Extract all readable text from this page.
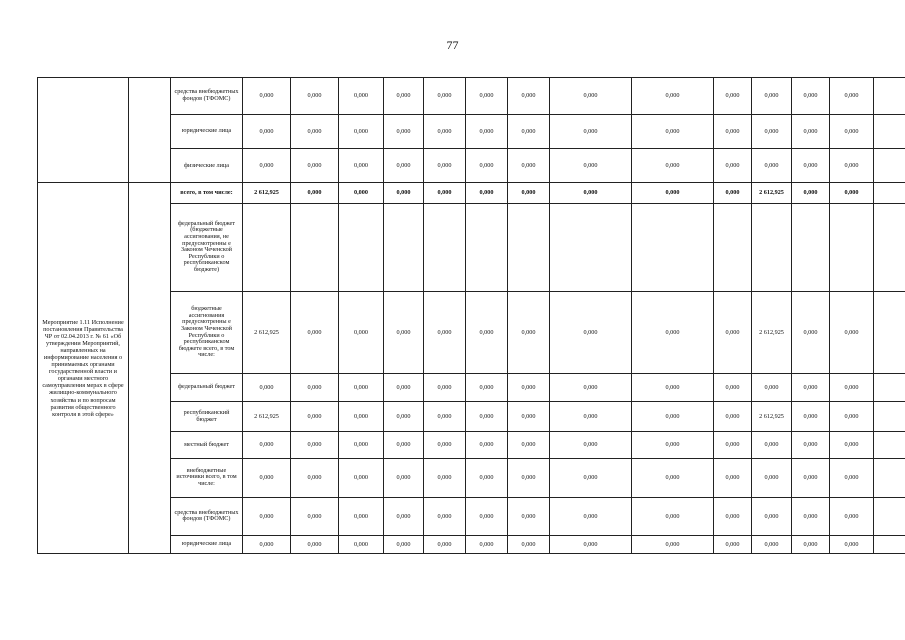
77
		средства внебюджетных фондов (ТФОМС)	0,000	0,000	0,000	0,000	0,000	0,000	0,000	0,000	0,000	0,000	0,000	0,000	0,000	
		юридические лица	0,000	0,000	0,000	0,000	0,000	0,000	0,000	0,000	0,000	0,000	0,000	0,000	0,000	
		физические лица	0,000	0,000	0,000	0,000	0,000	0,000	0,000	0,000	0,000	0,000	0,000	0,000	0,000	
Мероприятие 1.11 Исполнение постановления Правительства ЧР от 02.04.2013 г. № 61 «Об утверждении Мероприятий, направленных на информирование населения о принимаемых органами государственной власти и органами местного самоуправления мерах в сфере жилищно-коммунального хозяйства и по вопросам развития общественного контроля в этой сфере»		всего, в том числе:	2 612,925	0,000	0,000	0,000	0,000	0,000	0,000	0,000	0,000	0,000	2 612,925	0,000	0,000	
		федеральный бюджет (бюджетные ассигнования, не предусмотренны е Законом Чеченской Республики о республиканском бюджете)														
		бюджетные ассигнования предусмотренны е Законом Чеченской Республики о республиканском бюджете всего, в том числе:	2 612,925	0,000	0,000	0,000	0,000	0,000	0,000	0,000	0,000	0,000	2 612,925	0,000	0,000	
		федеральный бюджет	0,000	0,000	0,000	0,000	0,000	0,000	0,000	0,000	0,000	0,000	0,000	0,000	0,000	
		республиканский бюджет	2 612,925	0,000	0,000	0,000	0,000	0,000	0,000	0,000	0,000	0,000	2 612,925	0,000	0,000	
		местный бюджет	0,000	0,000	0,000	0,000	0,000	0,000	0,000	0,000	0,000	0,000	0,000	0,000	0,000	
		внебюджетные источники всего, в том числе:	0,000	0,000	0,000	0,000	0,000	0,000	0,000	0,000	0,000	0,000	0,000	0,000	0,000	
		средства внебюджетных фондов (ТФОМС)	0,000	0,000	0,000	0,000	0,000	0,000	0,000	0,000	0,000	0,000	0,000	0,000	0,000	
		юридические лица	0,000	0,000	0,000	0,000	0,000	0,000	0,000	0,000	0,000	0,000	0,000	0,000	0,000	
